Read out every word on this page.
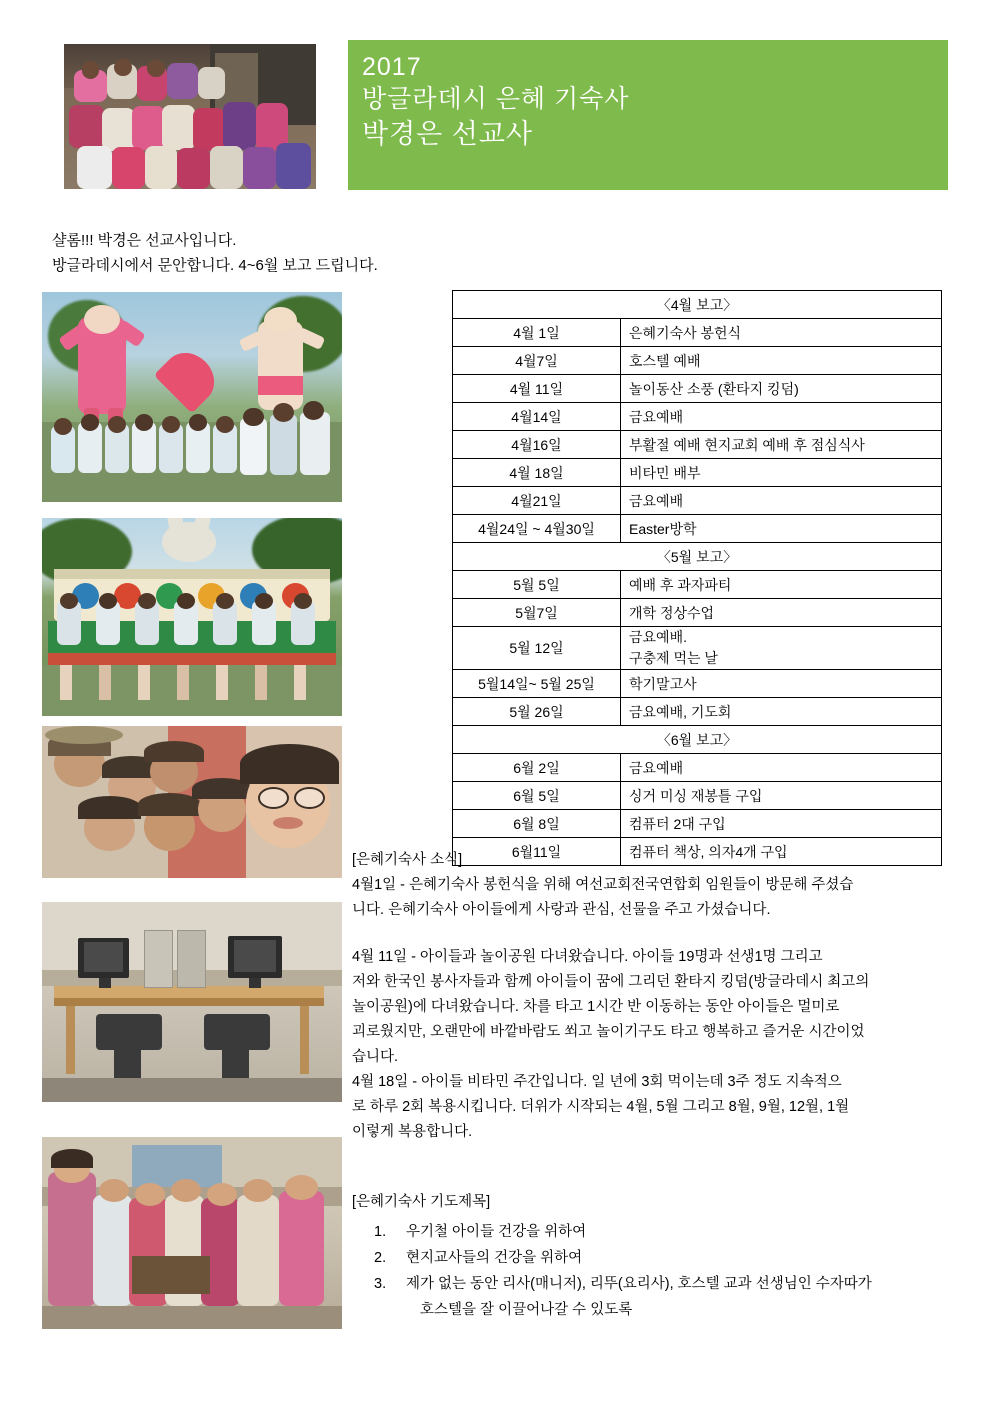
2017
방글라데시 은혜 기숙사
박경은 선교사
샬롬!!! 박경은 선교사입니다.
방글라데시에서 문안합니다. 4~6월 보고 드립니다.
〈4월 보고〉	
4월 1일	은혜기숙사 봉헌식
4월7일	호스텔 예배
4월 11일	놀이동산 소풍 (환타지 킹덤)
4월14일	금요예배
4월16일	부활절 예배 현지교회 예배 후 점심식사
4월 18일	비타민 배부
4월21일	금요예배
4월24일 ~ 4월30일	Easter방학
〈5월 보고〉	
5월 5일	예배 후 과자파티
5월7일	개학 정상수업
5월 12일	금요예배.
구충제 먹는 날

5월14일~ 5월 25일	학기말고사
5월 26일	금요예배, 기도회
〈6월 보고〉	
6월 2일	금요예배
6월 5일	싱거 미싱 재봉틀 구입
6월 8일	컴퓨터 2대 구입
6월11일	컴퓨터 책상, 의자4개 구입

[은혜기숙사 소식]

4월1일 - 은혜기숙사 봉헌식을 위해 여선교회전국연합회 임원들이 방문해 주셨습

니다. 은혜기숙사 아이들에게 사랑과 관심, 선물을 주고 가셨습니다.

4월 11일 - 아이들과 놀이공원 다녀왔습니다. 아이들 19명과 선생1명 그리고

저와 한국인 봉사자들과 함께 아이들이 꿈에 그리던 환타지 킹덤(방글라데시 최고의

놀이공원)에 다녀왔습니다. 차를 타고 1시간 반 이동하는 동안 아이들은 멀미로

괴로웠지만, 오랜만에 바깥바람도 쐬고 놀이기구도 타고 행복하고 즐거운 시간이었

습니다.

4월 18일 - 아이들 비타민 주간입니다. 일 년에 3회 먹이는데 3주 정도 지속적으

로 하루 2회 복용시킵니다. 더위가 시작되는 4월, 5월 그리고 8월, 9월, 12월, 1월

이렇게 복용합니다.

[은혜기숙사 기도제목]

1.	우기철 아이들 건강을 위하여
2.	현지교사들의 건강을 위하여
3.	제가 없는 동안 리사(매니저), 리뚜(요리사), 호스텔 교과 선생님인 수자따가
호스텔을 잘 이끌어나갈 수 있도록
